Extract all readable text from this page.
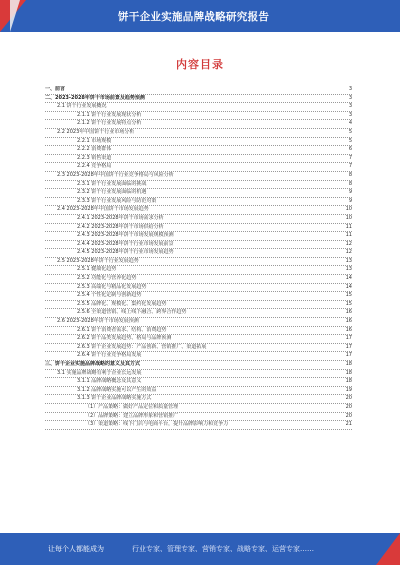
饼干企业实施品牌战略研究报告
内容目录
一、前言	3
二、2023-2028年饼干市场前景及趋势预测	3
2.1 饼干行业发展概况	3
2.1.1 饼干行业发展现状分析	3
2.1.2 饼干行业发展特点分析	4
2.2 2023年中国饼干行业市场分析	5
2.2.1 市场规模	5
2.2.2 消费群体	6
2.2.3 销售渠道	7
2.2.4 竞争格局	7
2.3 2023-2028年中国饼干行业竞争格局与风险分析	8
2.3.1 饼干行业发展面临的挑战	8
2.3.2 饼干行业发展面临的机遇	9
2.3.3 饼干行业发展风险与防范对策	9
2.4 2023-2028年中国饼干市场发展趋势	10
2.4.1 2023-2028年饼干市场需求分析	10
2.4.2 2023-2028年饼干市场供给分析	11
2.4.3 2023-2028年饼干市场发展规模预测	11
2.4.4 2023-2028年饼干行业市场发展前景	12
2.4.5 2023-2028年饼干行业市场发展趋势	12
2.5 2023-2028年饼干行业发展趋势	13
2.5.1 健康化趋势	13
2.5.2 功能化与营养化趋势	14
2.5.3 高端化与精品化发展趋势	14
2.5.4 个性化定制与创新趋势	15
2.5.5 品牌化、规模化、集约化发展趋势	15
2.5.6 全渠道营销、线上线下融合、跨界合作趋势	16
2.6 2023-2028年饼干市场发展预测	16
2.6.1 饼干消费者需求、结构、消费趋势	16
2.6.2 饼干品类发展趋势、格局与品牌预测	17
2.6.3 饼干企业发展趋势：产品创新、营销推广、渠道拓展	17
2.6.4 饼干行业竞争格局发展	17
三、饼干企业实施品牌战略的意义及其方式	18
3.1 实施品牌战略有利于企业长远发展	18
3.1.1 品牌战略概念及其意义	18
3.1.2 品牌战略实施可以产生的效益	19
3.1.3 饼干企业品牌战略实施方式	20
（1）产品策略：做好产品定位和质量管理	20
（2）品牌策略：建立品牌形象和营销推广	20
（3）渠道策略：线下门店与电商平台，提升品牌影响力和竞争力	21
让每个人都能成为	行业专家、管理专家、营销专家、战略专家、运营专家……
